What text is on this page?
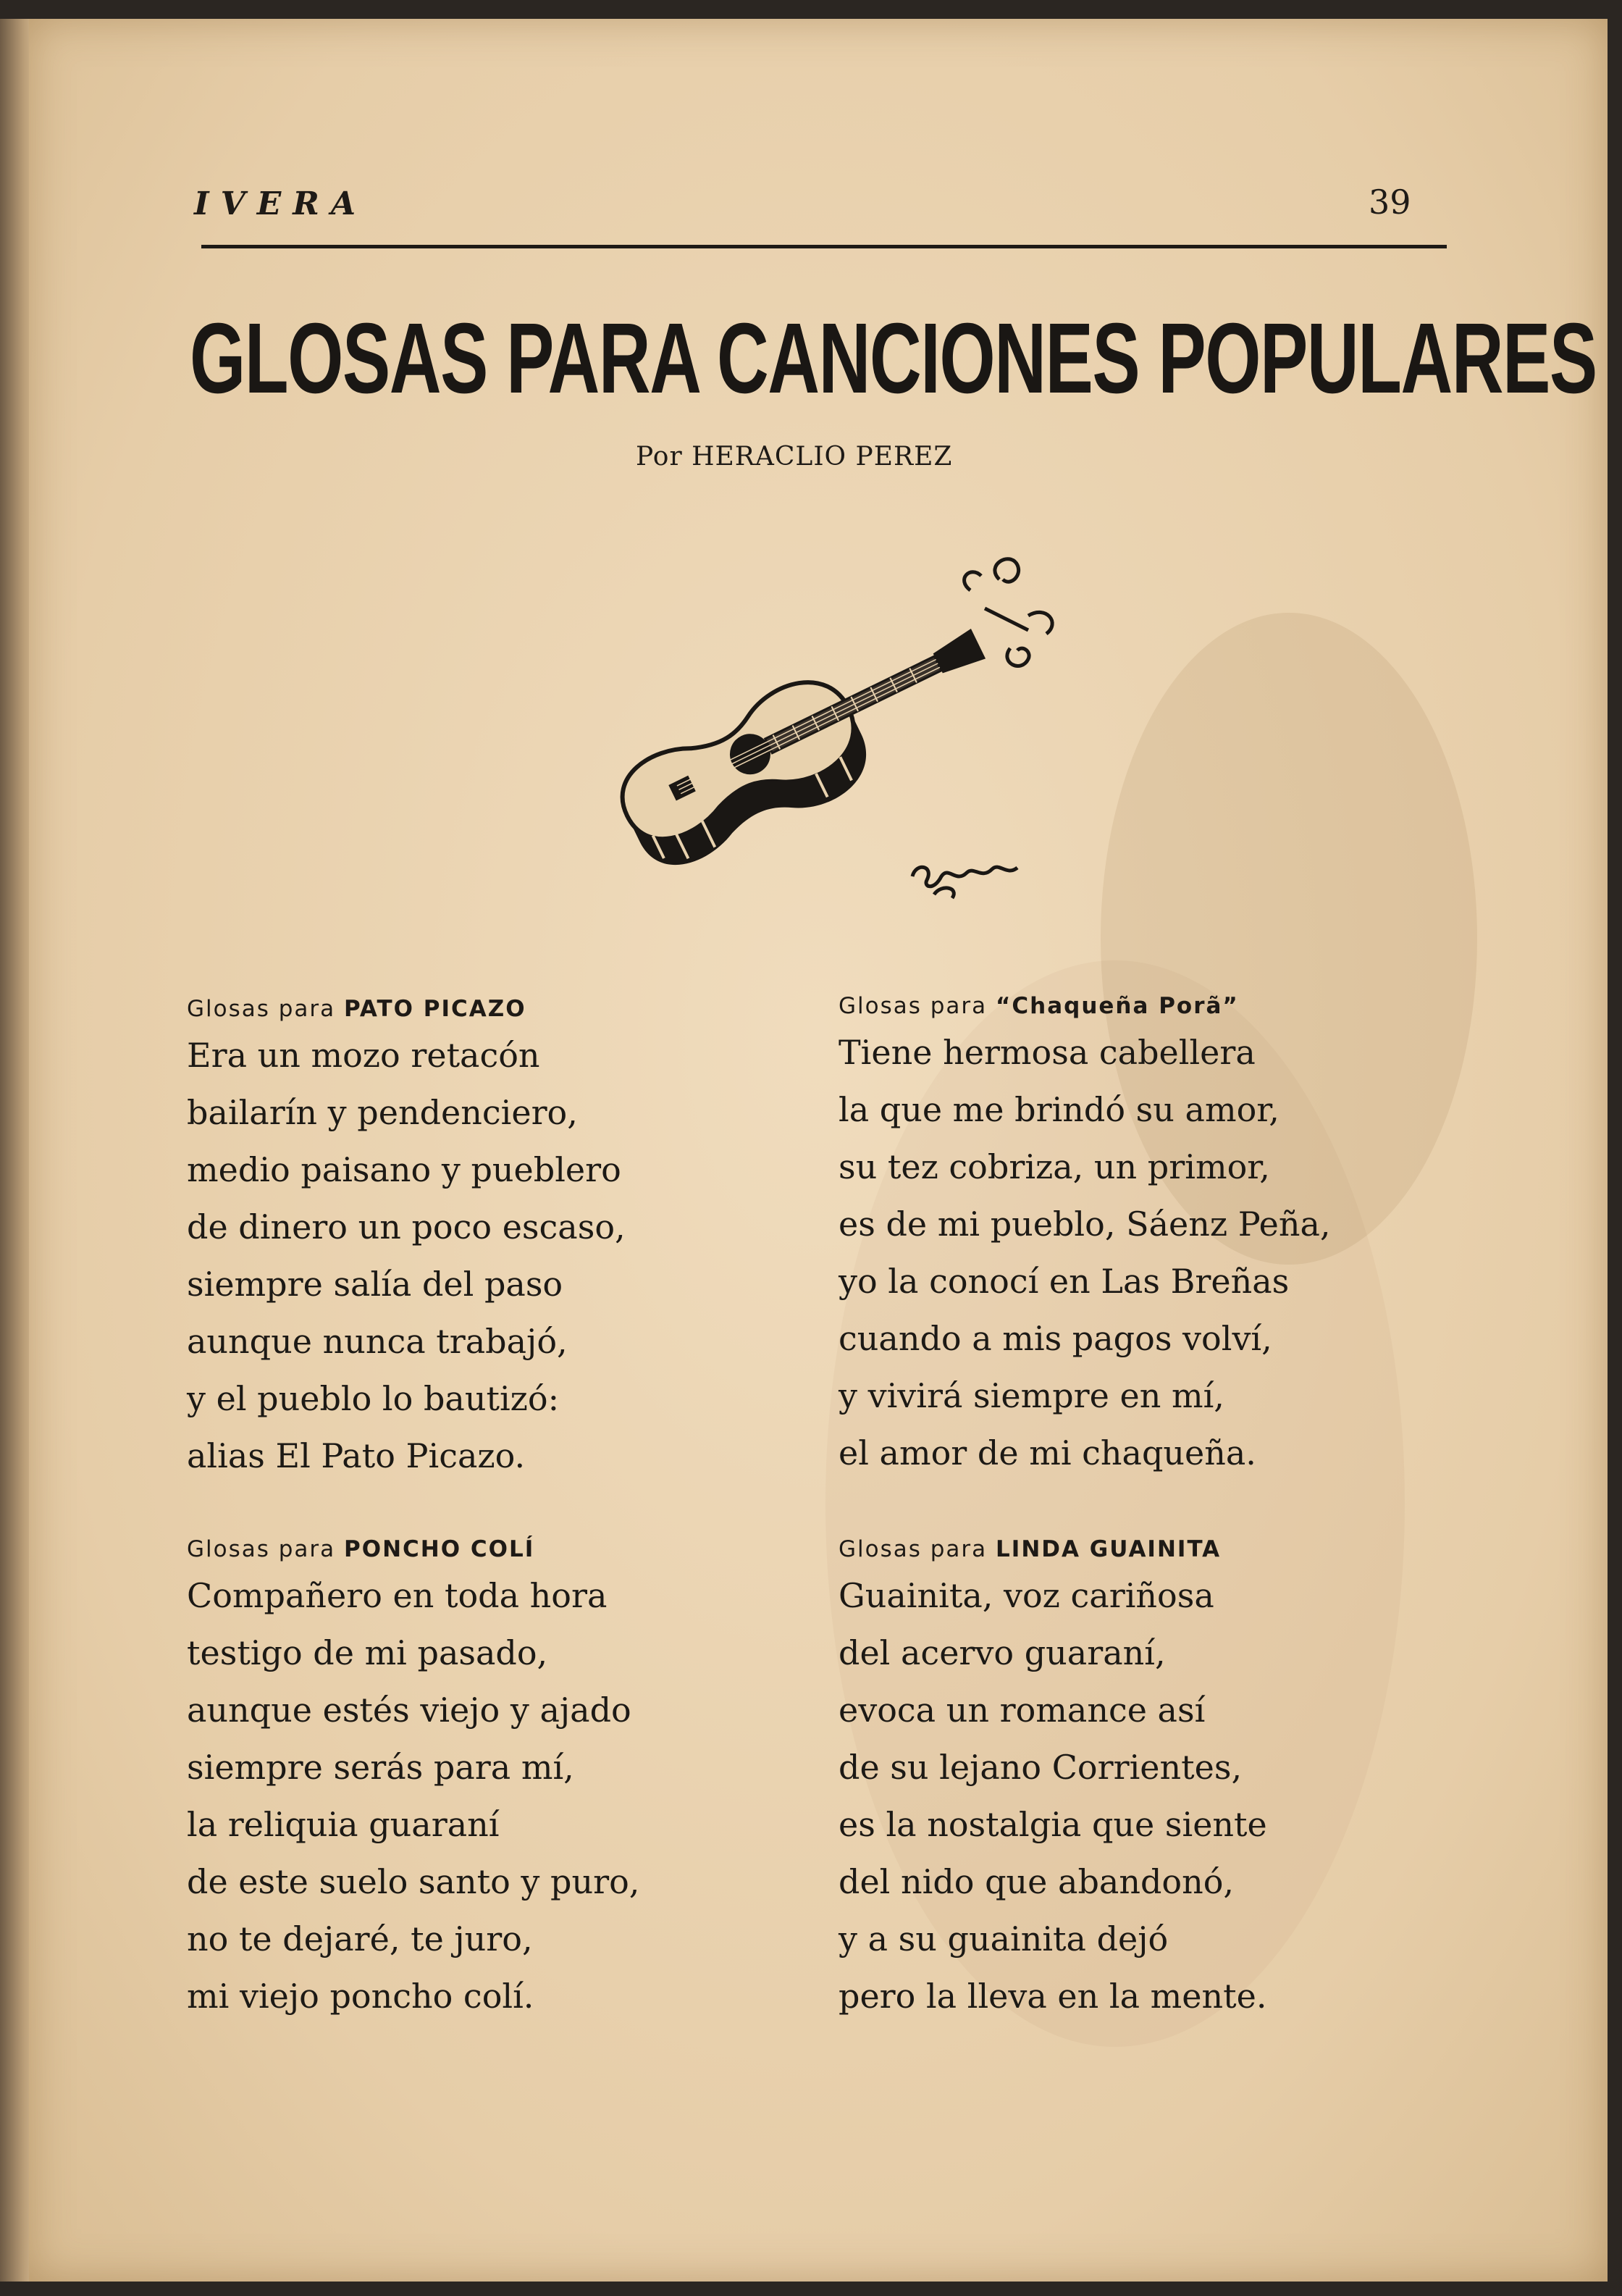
IVERA	39
GLOSAS PARA CANCIONES POPULARES
Por HERACLIO PEREZ
Glosas para PATO PICAZO
Era un mozo retacón
bailarín y pendenciero,
medio paisano y pueblero
de dinero un poco escaso,
siempre salía del paso
aunque nunca trabajó,
y el pueblo lo bautizó:
alias El Pato Picazo.
Glosas para PONCHO COLÍ
Compañero en toda hora
testigo de mi pasado,
aunque estés viejo y ajado
siempre serás para mí,
la reliquia guaraní
de este suelo santo y puro,
no te dejaré, te juro,
mi viejo poncho colí.
Glosas para “Chaqueña Porã”
Tiene hermosa cabellera
la que me brindó su amor,
su tez cobriza, un primor,
es de mi pueblo, Sáenz Peña,
yo la conocí en Las Breñas
cuando a mis pagos volví,
y vivirá siempre en mí,
el amor de mi chaqueña.
Glosas para LINDA GUAINITA
Guainita, voz cariñosa
del acervo guaraní,
evoca un romance así
de su lejano Corrientes,
es la nostalgia que siente
del nido que abandonó,
y a su guainita dejó
pero la lleva en la mente.
